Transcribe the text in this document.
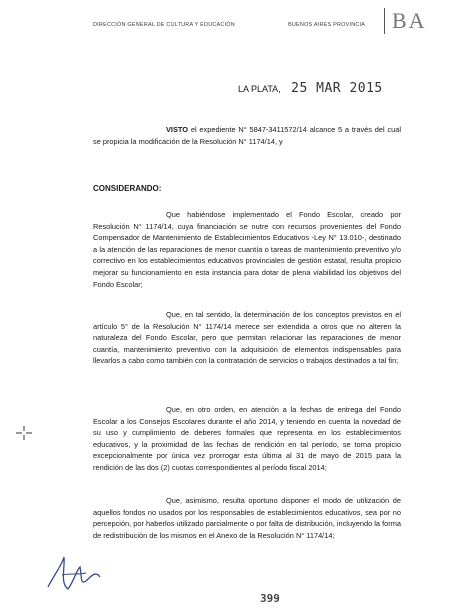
DIRECCIÓN GENERAL DE CULTURA Y EDUCACIÓN	BUENOS AIRES PROVINCIA BA
LA PLATA, 25 MAR 2015

VISTO el expediente N° 5847-3411572/14 alcance 5 a través del cual se propicia la modificación de la Resolución N° 1174/14, y

CONSIDERANDO:

Que habiéndose implementado el Fondo Escolar, creado por Resolución N° 1174/14, cuya financiación se nutre con recursos provenientes del Fondo Compensador de Mantenimiento de Establecimientos Educativos -Ley N° 13.010-, destinado a la atención de las reparaciones de menor cuantía o tareas de mantenimiento preventivo y/o correctivo en los establecimientos educativos provinciales de gestión estatal, resulta propicio mejorar su funcionamiento en esta instancia para dotar de plena viabilidad los objetivos del Fondo Escolar;

Que, en tal sentido, la determinación de los conceptos previstos en el artículo 5° de la Resolución N° 1174/14 merece ser extendida a otros que no alteren la naturaleza del Fondo Escolar, pero que permitan relacionar las reparaciones de menor cuantía, mantenimiento preventivo con la adquisición de elementos indispensables para llevarlos a cabo como también con la contratación de servicios o trabajos destinados a tal fin;

Que, en otro orden, en atención a la fechas de entrega del Fondo Escolar a los Consejos Escolares durante el año 2014, y teniendo en cuenta la novedad de su uso y cumplimiento de deberes formales que representa en los establecimientos educativos, y la proximidad de las fechas de rendición en tal período, se torna propicio excepcionalmente por única vez prorrogar esta última al 31 de mayo de 2015 para la rendición de las dos (2) cuotas correspondientes al período fiscal 2014;

Que, asimismo, resulta oportuno disponer el modo de utilización de aquellos fondos no usados por los responsables de establecimientos educativos, sea por no percepción, por haberlos utilizado parcialmente o por falta de distribución, incluyendo la forma de redistribución de los mismos en el Anexo de la Resolución N° 1174/14;

399
